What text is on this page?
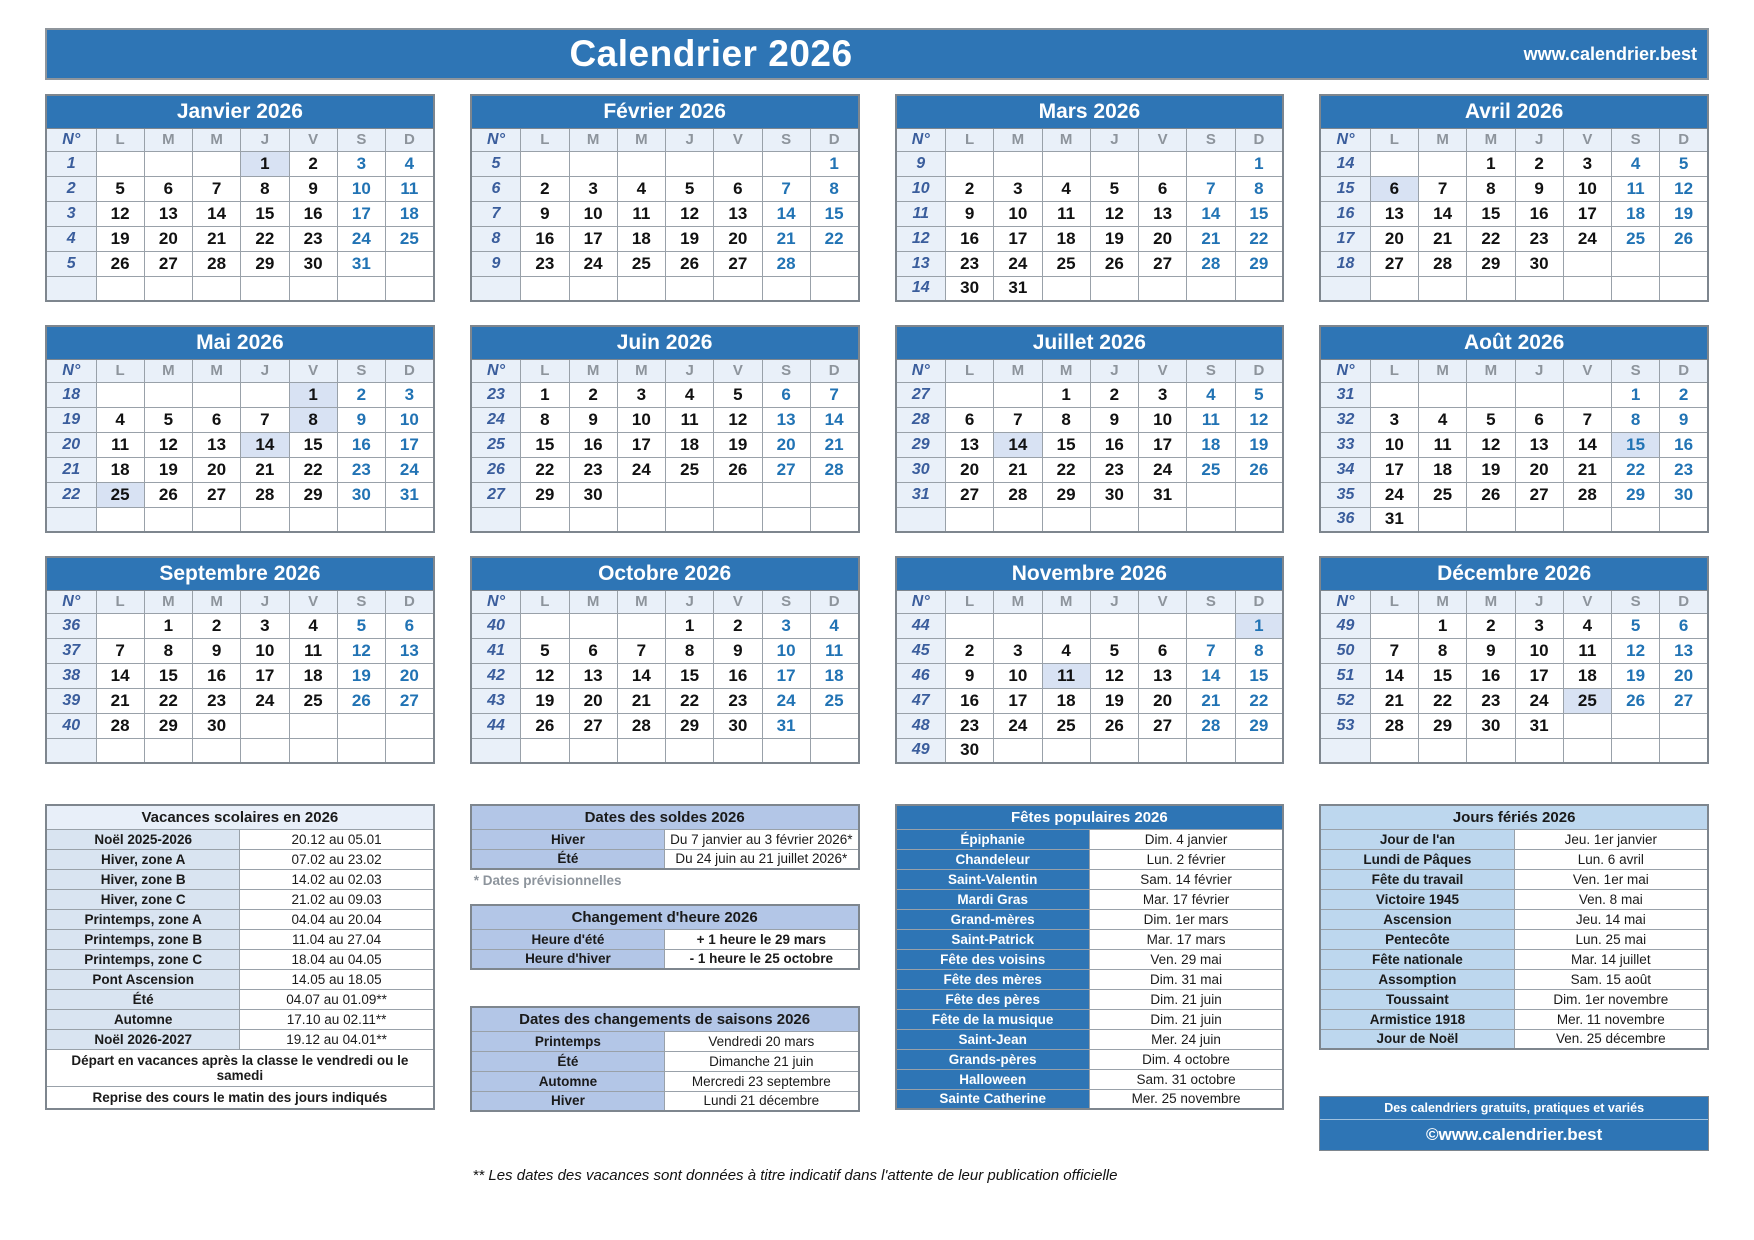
Calendrier 2026	www.calendrier.best
Janvier 2026							
N°	L	M	M	J	V	S	D
1				1	2	3	4
2	5	6	7	8	9	10	11
3	12	13	14	15	16	17	18
4	19	20	21	22	23	24	25
5	26	27	28	29	30	31	

Février 2026							
N°	L	M	M	J	V	S	D
5							1
6	2	3	4	5	6	7	8
7	9	10	11	12	13	14	15
8	16	17	18	19	20	21	22
9	23	24	25	26	27	28	

Mars 2026							
N°	L	M	M	J	V	S	D
9							1
10	2	3	4	5	6	7	8
11	9	10	11	12	13	14	15
12	16	17	18	19	20	21	22
13	23	24	25	26	27	28	29
14	30	31					
Avril 2026							
N°	L	M	M	J	V	S	D
14			1	2	3	4	5
15	6	7	8	9	10	11	12
16	13	14	15	16	17	18	19
17	20	21	22	23	24	25	26
18	27	28	29	30			

Mai 2026							
N°	L	M	M	J	V	S	D
18					1	2	3
19	4	5	6	7	8	9	10
20	11	12	13	14	15	16	17
21	18	19	20	21	22	23	24
22	25	26	27	28	29	30	31

Juin 2026							
N°	L	M	M	J	V	S	D
23	1	2	3	4	5	6	7
24	8	9	10	11	12	13	14
25	15	16	17	18	19	20	21
26	22	23	24	25	26	27	28
27	29	30					

Juillet 2026							
N°	L	M	M	J	V	S	D
27			1	2	3	4	5
28	6	7	8	9	10	11	12
29	13	14	15	16	17	18	19
30	20	21	22	23	24	25	26
31	27	28	29	30	31		

Août 2026							
N°	L	M	M	J	V	S	D
31						1	2
32	3	4	5	6	7	8	9
33	10	11	12	13	14	15	16
34	17	18	19	20	21	22	23
35	24	25	26	27	28	29	30
36	31						
Septembre 2026							
N°	L	M	M	J	V	S	D
36		1	2	3	4	5	6
37	7	8	9	10	11	12	13
38	14	15	16	17	18	19	20
39	21	22	23	24	25	26	27
40	28	29	30				

Octobre 2026							
N°	L	M	M	J	V	S	D
40				1	2	3	4
41	5	6	7	8	9	10	11
42	12	13	14	15	16	17	18
43	19	20	21	22	23	24	25
44	26	27	28	29	30	31	

Novembre 2026							
N°	L	M	M	J	V	S	D
44							1
45	2	3	4	5	6	7	8
46	9	10	11	12	13	14	15
47	16	17	18	19	20	21	22
48	23	24	25	26	27	28	29
49	30						
Décembre 2026							
N°	L	M	M	J	V	S	D
49		1	2	3	4	5	6
50	7	8	9	10	11	12	13
51	14	15	16	17	18	19	20
52	21	22	23	24	25	26	27
53	28	29	30	31			

Vacances scolaires en 2026	
Noël 2025-2026	20.12 au 05.01
Hiver, zone A	07.02 au 23.02
Hiver, zone B	14.02 au 02.03
Hiver, zone C	21.02 au 09.03
Printemps, zone A	04.04 au 20.04
Printemps, zone B	11.04 au 27.04
Printemps, zone C	18.04 au 04.05
Pont Ascension	14.05 au 18.05
Été	04.07 au 01.09**
Automne	17.10 au 02.11**
Noël 2026-2027	19.12 au 04.01**
Départ en vacances après la classe le vendredi ou le samedi	
Reprise des cours le matin des jours indiqués	
Dates des soldes 2026	
Hiver	Du 7 janvier au 3 février 2026*
Été	Du 24 juin au 21 juillet 2026*
* Dates prévisionnelles
Changement d'heure 2026	
Heure d'été	+ 1 heure le 29 mars
Heure d'hiver	- 1 heure le 25 octobre
Dates des changements de saisons 2026	
Printemps	Vendredi 20 mars
Été	Dimanche 21 juin
Automne	Mercredi 23 septembre
Hiver	Lundi 21 décembre
Fêtes populaires 2026	
Épiphanie	Dim. 4 janvier
Chandeleur	Lun. 2 février
Saint-Valentin	Sam. 14 février
Mardi Gras	Mar. 17 février
Grand-mères	Dim. 1er mars
Saint-Patrick	Mar. 17 mars
Fête des voisins	Ven. 29 mai
Fête des mères	Dim. 31 mai
Fête des pères	Dim. 21 juin
Fête de la musique	Dim. 21 juin
Saint-Jean	Mer. 24 juin
Grands-pères	Dim. 4 octobre
Halloween	Sam. 31 octobre
Sainte Catherine	Mer. 25 novembre
Jours fériés 2026	
Jour de l'an	Jeu. 1er janvier
Lundi de Pâques	Lun. 6 avril
Fête du travail	Ven. 1er mai
Victoire 1945	Ven. 8 mai
Ascension	Jeu. 14 mai
Pentecôte	Lun. 25 mai
Fête nationale	Mar. 14 juillet
Assomption	Sam. 15 août
Toussaint	Dim. 1er novembre
Armistice 1918	Mer. 11 novembre
Jour de Noël	Ven. 25 décembre
Des calendriers gratuits, pratiques et variés
©www.calendrier.best
** Les dates des vacances sont données à titre indicatif dans l'attente de leur publication officielle
